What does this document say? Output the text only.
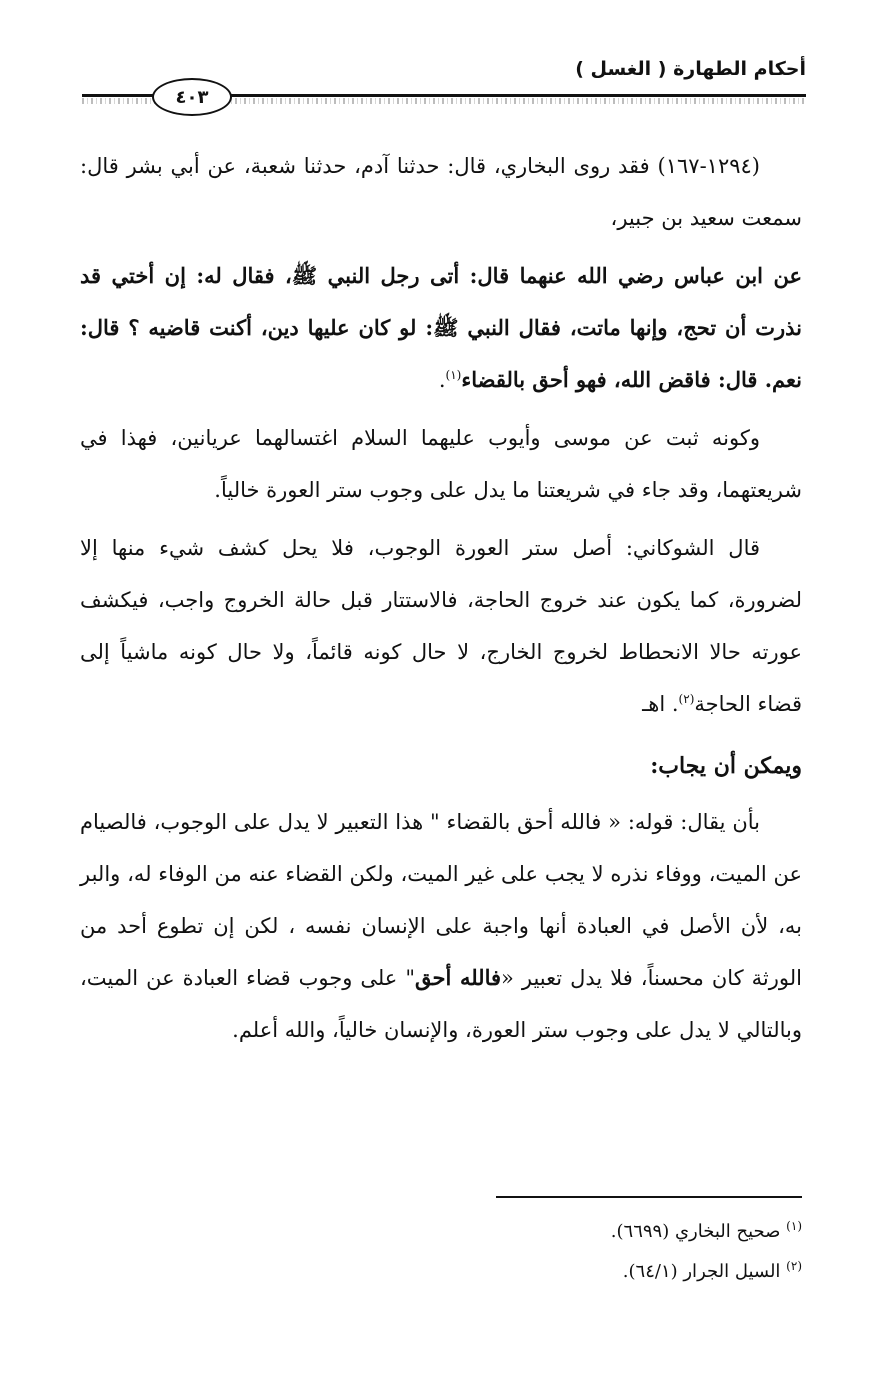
أحكام الطهارة ( الغسل )
٤٠٣

(١٢٩٤-١٦٧) فقد روى البخاري، قال: حدثنا آدم، حدثنا شعبة، عن أبي بشر قال: سمعت سعيد بن جبير،

عن ابن عباس رضي الله عنهما قال: أتى رجل النبي ﷺ، فقال له: إن أختي قد نذرت أن تحج، وإنها ماتت، فقال النبي ﷺ: لو كان عليها دين، أكنت قاضيه ؟ قال: نعم. قال: فاقض الله، فهو أحق بالقضاء$^{(١)}$.

وكونه ثبت عن موسى وأيوب عليهما السلام اغتسالهما عريانين، فهذا في شريعتهما، وقد جاء في شريعتنا ما يدل على وجوب ستر العورة خالياً.

قال الشوكاني: أصل ستر العورة الوجوب، فلا يحل كشف شيء منها إلا لضرورة، كما يكون عند خروج الحاجة، فالاستتار قبل حالة الخروج واجب، فيكشف عورته حالا الانحطاط لخروج الخارج، لا حال كونه قائماً، ولا حال كونه ماشياً إلى قضاء الحاجة$^{(٢)}$. اهـ

ويمكن أن يجاب:

بأن يقال: قوله: « فالله أحق بالقضاء " هذا التعبير لا يدل على الوجوب، فالصيام عن الميت، ووفاء نذره لا يجب على غير الميت، ولكن القضاء عنه من الوفاء له، والبر به، لأن الأصل في العبادة أنها واجبة على الإنسان نفسه ، لكن إن تطوع أحد من الورثة كان محسناً، فلا يدل تعبير «فالله أحق" على وجوب قضاء العبادة عن الميت، وبالتالي لا يدل على وجوب ستر العورة، والإنسان خالياً، والله أعلم.

$^{(١)}$ صحيح البخاري (٦٦٩٩).
$^{(٢)}$ السيل الجرار (٦٤/١).
